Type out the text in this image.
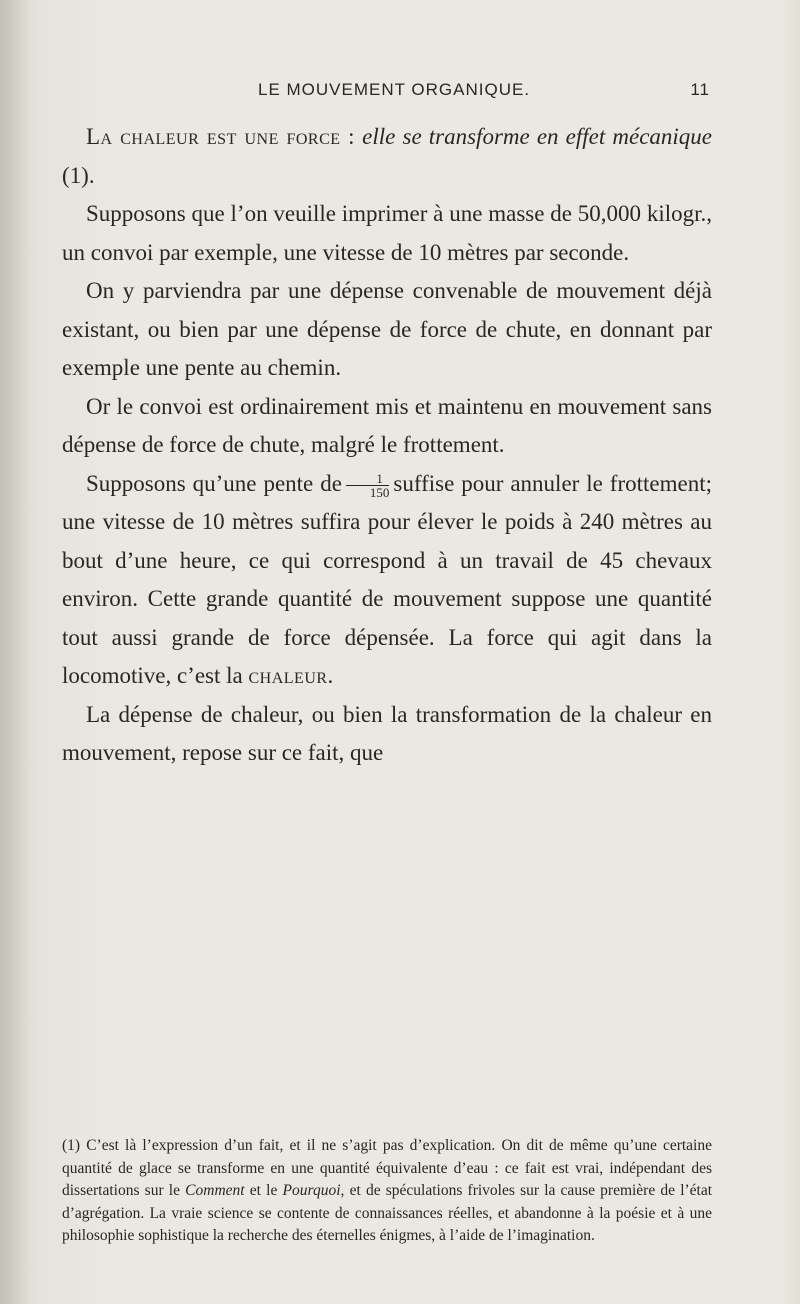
LE MOUVEMENT ORGANIQUE.	11

La chaleur est une force : elle se transforme en effet mécanique (1).

Supposons que l’on veuille imprimer à une masse de 50,000 kilogr., un convoi par exemple, une vitesse de 10 mètres par seconde.

On y parviendra par une dépense convenable de mouvement déjà existant, ou bien par une dépense de force de chute, en donnant par exemple une pente au chemin.

Or le convoi est ordinairement mis et maintenu en mouvement sans dépense de force de chute, malgré le frottement.

Supposons qu’une pente de $\frac{1}{150}$ suffise pour annuler le frottement; une vitesse de 10 mètres suffira pour élever le poids à 240 mètres au bout d’une heure, ce qui correspond à un travail de 45 chevaux environ. Cette grande quantité de mouvement suppose une quantité tout aussi grande de force dépensée. La force qui agit dans la locomotive, c’est la chaleur.

La dépense de chaleur, ou bien la transformation de la chaleur en mouvement, repose sur ce fait, que

(1) C’est là l’expression d’un fait, et il ne s’agit pas d’explication. On dit de même qu’une certaine quantité de glace se transforme en une quantité équivalente d’eau : ce fait est vrai, indépendant des dissertations sur le Comment et le Pourquoi, et de spéculations frivoles sur la cause première de l’état d’agrégation. La vraie science se contente de connaissances réelles, et abandonne à la poésie et à une philosophie sophistique la recherche des éternelles énigmes, à l’aide de l’imagination.
